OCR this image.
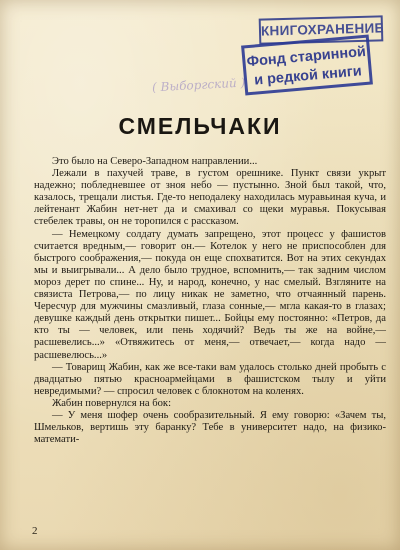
КНИГОХРАНЕНИЕ
Фонд старинной
и редкой книги
( Выборгский )
СМЕЛЬЧАКИ

Это было на Северо-Западном направлении...

Лежали в пахучей траве, в густом орешнике. Пункт связи укрыт надежно; побледневшее от зноя небо — пустынно. Зной был такой, что, казалось, трещали листья. Где-то неподалеку находилась муравьиная куча, и лейтенант Жабин нет-нет да и смахивал со щеки муравья. Покусывая стебелек травы, он не торопился с рассказом.

— Немецкому солдату думать запрещено, этот процесс у фашистов считается вредным,— говорит он.— Котелок у него не приспособлен для быстрого соображения,— покуда он еще спохватится. Вот на этих секундах мы и выигрывали... А дело было трудное, вспомнить,— так задним числом мороз дерет по спине... Ну, и народ, конечно, у нас смелый. Взгляните на связиста Петрова,— по лицу никак не заметно, что отчаянный парень. Чересчур для мужчины смазливый, глаза сонные,— мгла какая-то в глазах; девушке каждый день открытки пишет... Бойцы ему постоянно: «Петров, да кто ты — человек, или пень ходячий? Ведь ты же на войне,— расшевелись...» «Отвяжитесь от меня,— отвечает,— когда надо — расшевелюсь...»

— Товарищ Жабин, как же все-таки вам удалось столько дней пробыть с двадцатью пятью красноармейцами в фашистском тылу и уйти невредимыми? — спросил человек с блокнотом на коленях.

Жабин повернулся на бок:

— У меня шофер очень сообразительный. Я ему говорю: «Зачем ты, Шмельков, вертишь эту баранку? Тебе в университет надо, на физико-математи-

2
